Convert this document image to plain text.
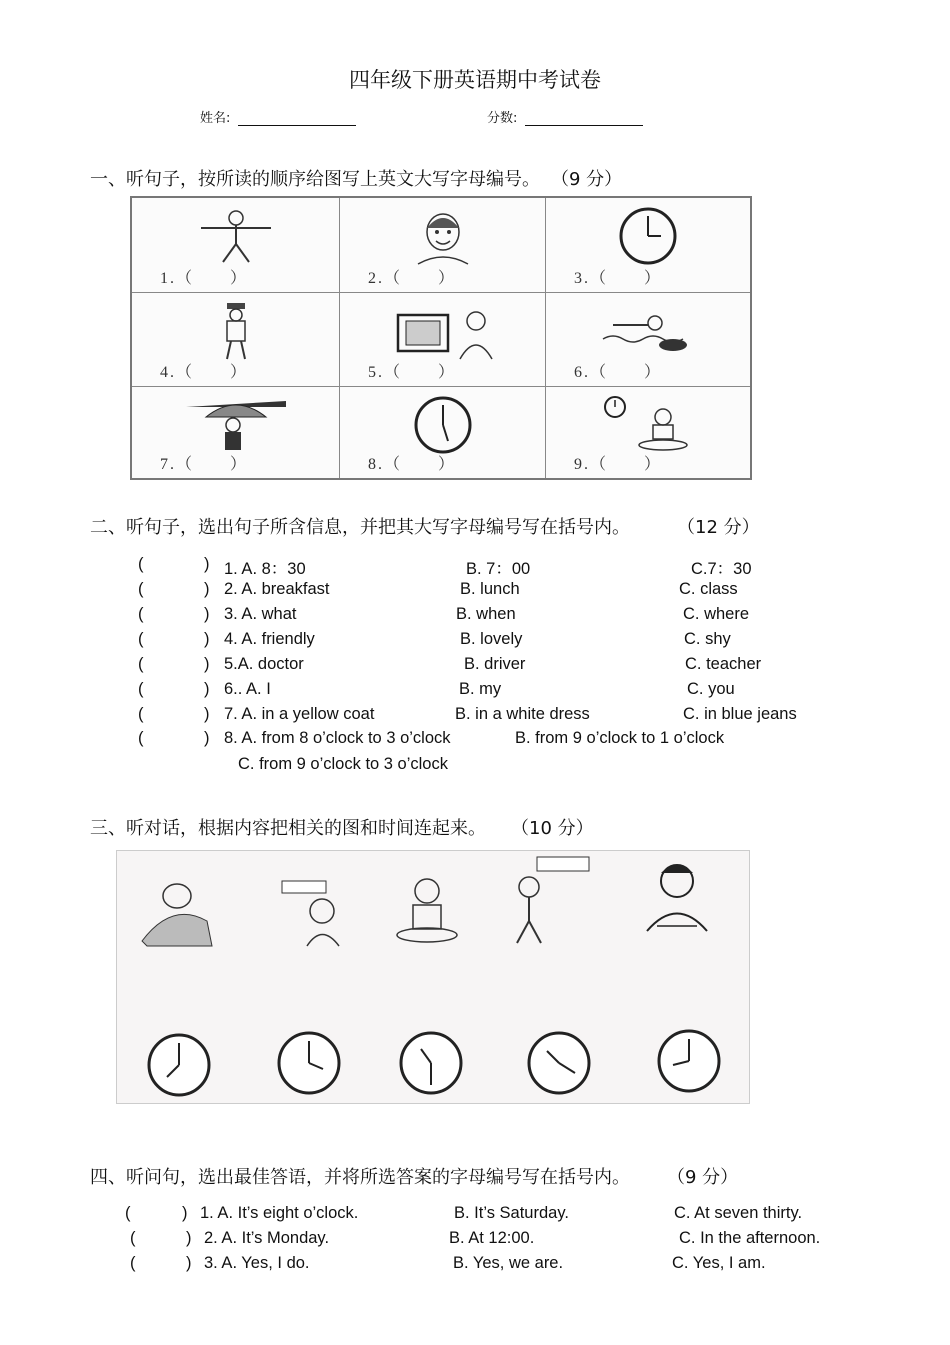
四年级下册英语期中考试卷
姓名:	分数:
一、听句子，按所读的顺序给图写上英文大写字母编号。 （9 分）
1.（　　）	2.（　　）	3.（　　）
4.（　　）	5.（　　）	6.（　　）
7.（　　）	8.（　　）	9.（　　）
二、听句子，选出句子所含信息，并把其大写字母编号写在括号内。	（12 分）
(	) 1. A. 8：30	B. 7：00	C.7：30
(	) 2. A. breakfast	B. lunch	C. class
(	) 3. A. what	B. when	C. where
(	) 4. A. friendly	B. lovely	C. shy
(	) 5.A. doctor	B. driver	C. teacher
(	) 6.. A. I	B. my	C. you
(	) 7. A. in a yellow coat	B. in a white dress	C. in blue jeans
(	) 8. A. from 8 o’clock to 3 o’clock	B. from 9 o’clock to 1 o’clock
C. from 9 o’clock to 3 o’clock
三、听对话，根据内容把相关的图和时间连起来。 （10 分）
四、听问句，选出最佳答语，并将所选答案的字母编号写在括号内。	（9 分）
(	) 1. A. It’s eight o’clock.	B. It’s Saturday.	C. At seven thirty.
(	) 2. A. It’s Monday.	B. At 12:00.	C. In the afternoon.
(	) 3. A. Yes, I do.	B. Yes, we are.	C. Yes, I am.
